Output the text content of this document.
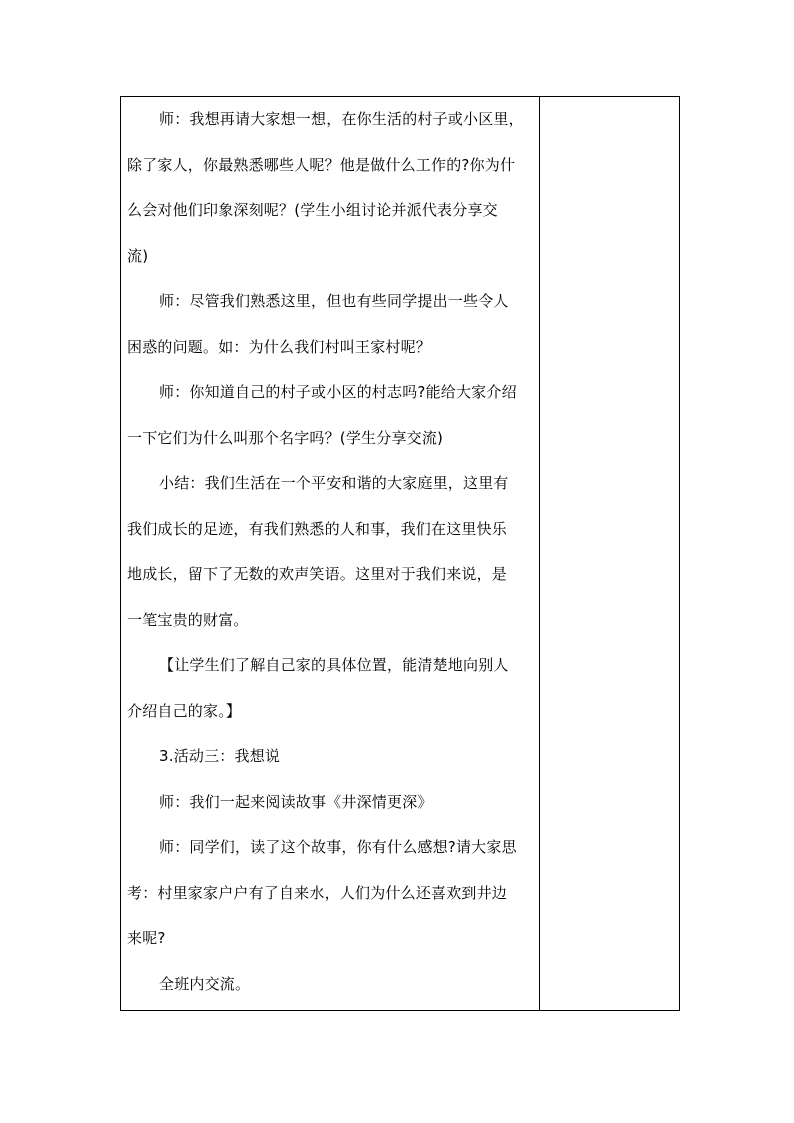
师：我想再请大家想一想，在你生活的村子或小区里，
除了家人，你最熟悉哪些人呢？他是做什么工作的?你为什
么会对他们印象深刻呢？(学生小组讨论并派代表分享交
流)
师：尽管我们熟悉这里，但也有些同学提出一些令人
困惑的问题。如：为什么我们村叫王家村呢？
师：你知道自己的村子或小区的村志吗?能给大家介绍
一下它们为什么叫那个名字吗？(学生分享交流)
小结：我们生活在一个平安和谐的大家庭里，这里有
我们成长的足迹，有我们熟悉的人和事，我们在这里快乐
地成长，留下了无数的欢声笑语。这里对于我们来说，是
一笔宝贵的财富。
【让学生们了解自己家的具体位置，能清楚地向别人
介绍自己的家。】
3.活动三：我想说
师：我们一起来阅读故事《井深情更深》
师：同学们，读了这个故事，你有什么感想?请大家思
考：村里家家户户有了自来水，人们为什么还喜欢到井边
来呢?
全班内交流。
